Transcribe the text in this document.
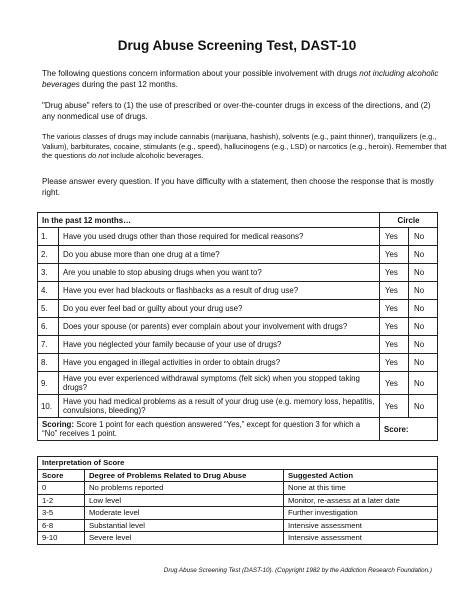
Drug Abuse Screening Test, DAST-10

The following questions concern information about your possible involvement with drugs not including alcoholic beverages during the past 12 months.

"Drug abuse" refers to (1) the use of prescribed or over-the-counter drugs in excess of the directions, and (2) any nonmedical use of drugs.

The various classes of drugs may include cannabis (marijuana, hashish), solvents (e.g., paint thinner), tranquilizers (e.g., Valium), barbiturates, cocaine, stimulants (e.g., speed), hallucinogens (e.g., LSD) or narcotics (e.g., heroin). Remember that the questions do not include alcoholic beverages.

Please answer every question. If you have difficulty with a statement, then choose the response that is mostly right.

In the past 12 months…		Circle	
1.	Have you used drugs other than those required for medical reasons?	Yes	No
2.	Do you abuse more than one drug at a time?	Yes	No
3.	Are you unable to stop abusing drugs when you want to?	Yes	No
4.	Have you ever had blackouts or flashbacks as a result of drug use?	Yes	No
5.	Do you ever feel bad or guilty about your drug use?	Yes	No
6.	Does your spouse (or parents) ever complain about your involvement with drugs?	Yes	No
7.	Have you neglected your family because of your use of drugs?	Yes	No
8.	Have you engaged in illegal activities in order to obtain drugs?	Yes	No
9.	Have you ever experienced withdrawal symptoms (felt sick) when you stopped taking drugs?	Yes	No
10.	Have you had medical problems as a result of your drug use (e.g. memory loss, hepatitis, convulsions, bleeding)?	Yes	No
Scoring: Score 1 point for each question answered “Yes,” except for question 3 for which a “No” receives 1 point.		Score:	
Interpretation of Score		
Score	Degree of Problems Related to Drug Abuse	Suggested Action
0	No problems reported	None at this time
1-2	Low level	Monitor, re-assess at a later date
3-5	Moderate level	Further investigation
6-8	Substantial level	Intensive assessment
9-10	Severe level	Intensive assessment

Drug Abuse Screening Test (DAST-10). (Copyright 1982 by the Addiction Research Foundation.)
